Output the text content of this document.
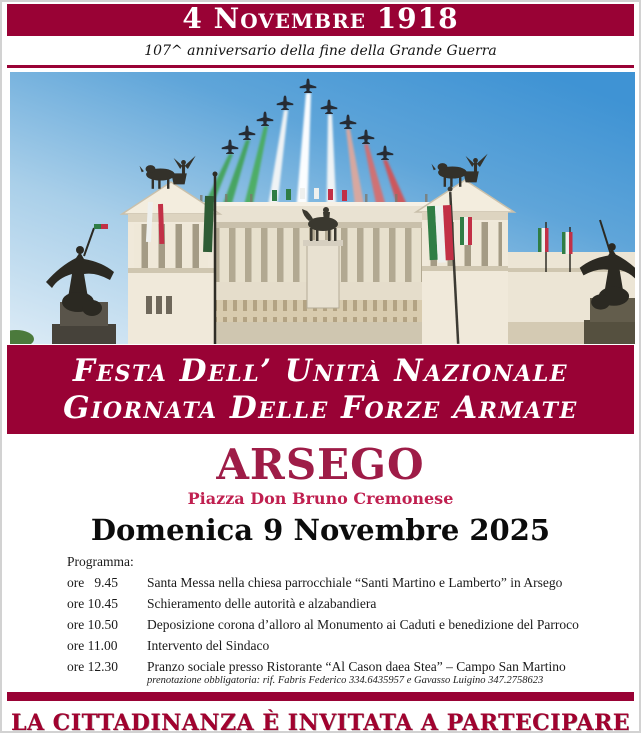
4 Novembre 1918
107^ anniversario della fine della Grande Guerra
Festa Dell’ Unità Nazionale
Giornata Delle Forze Armate
ARSEGO
Piazza Don Bruno Cremonese
Domenica 9 Novembre 2025
Programma:
ore   9.45	Santa Messa nella chiesa parrocchiale “Santi Martino e Lamberto” in Arsego
ore 10.45	Schieramento delle autorità e alzabandiera
ore 10.50	Deposizione corona d’alloro al Monumento ai Caduti e benedizione del Parroco
ore 11.00	Intervento del Sindaco
ore 12.30	Pranzo sociale presso Ristorante “Al Cason daea Stea” – Campo San Martino
prenotazione obbligatoria: rif. Fabris Federico 334.6435957 e Gavasso Luigino 347.2758623
LA CITTADINANZA È INVITATA A PARTECIPARE
